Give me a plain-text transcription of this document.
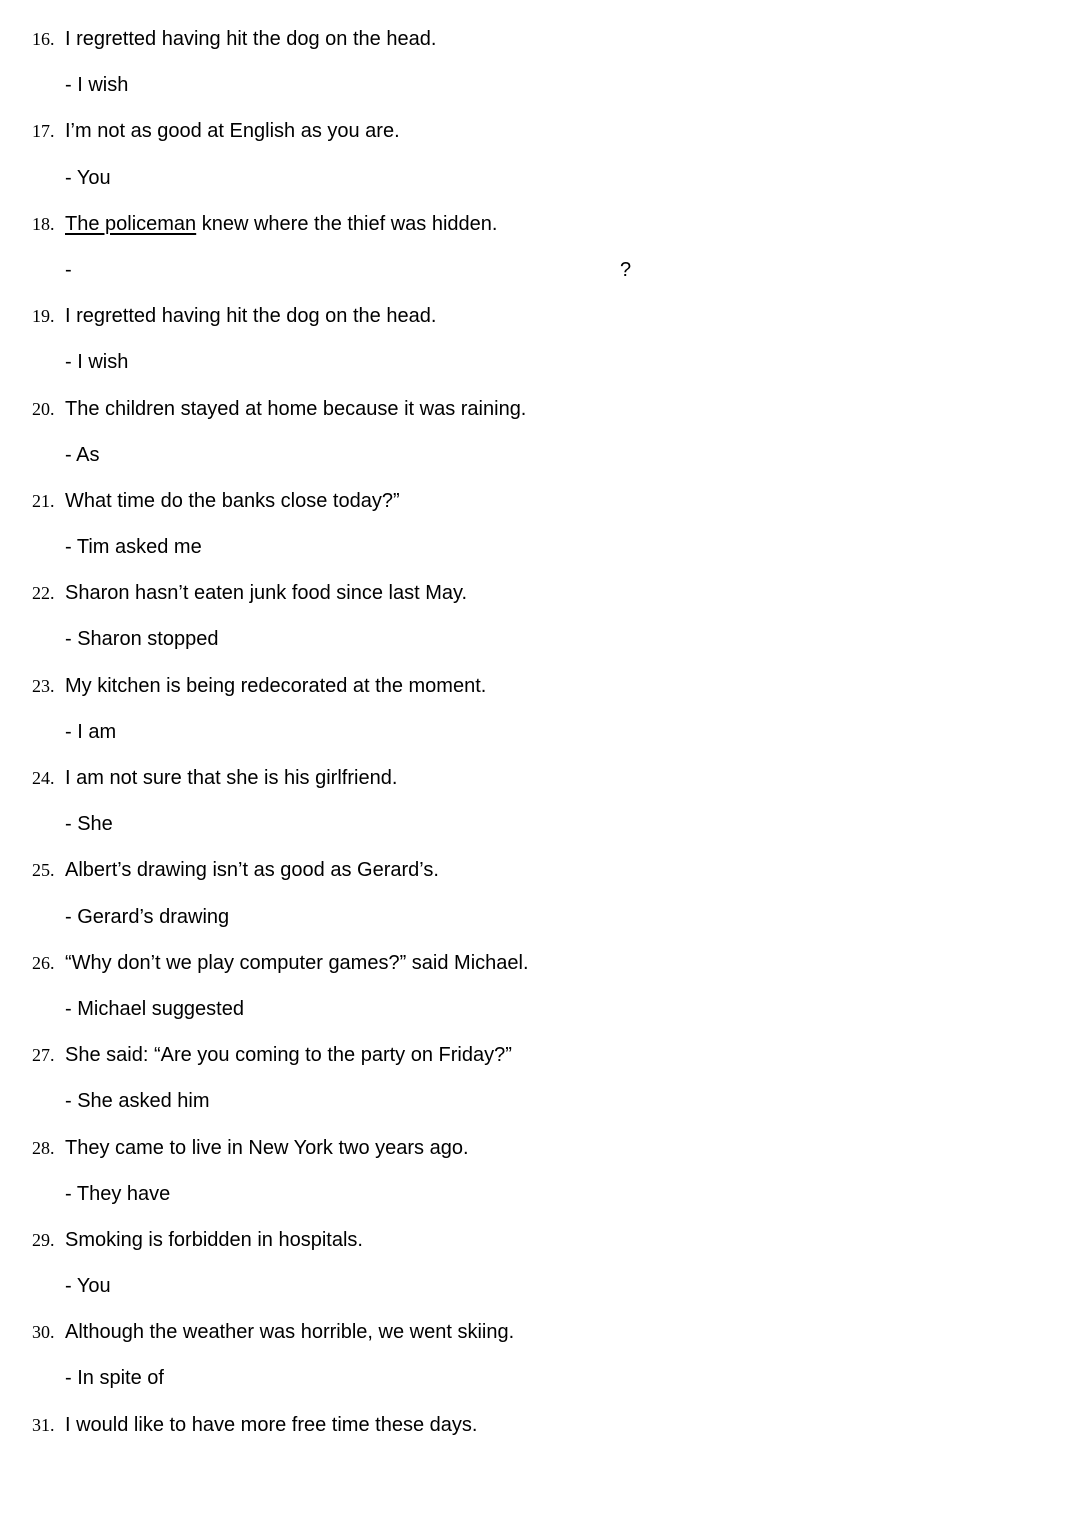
16. I regretted having hit the dog on the head.
- I wish
17. I’m not as good at English as you are.
- You
18. The policeman knew where the thief was hidden.
-	?
19. I regretted having hit the dog on the head.
- I wish
20. The children stayed at home because it was raining.
- As
21. What time do the banks close today?”
- Tim asked me
22. Sharon hasn’t eaten junk food since last May.
- Sharon stopped
23. My kitchen is being redecorated at the moment.
- I am
24. I am not sure that she is his girlfriend.
- She
25. Albert’s drawing isn’t as good as Gerard’s.
- Gerard’s drawing
26. “Why don’t we play computer games?” said Michael.
- Michael suggested
27. She said: “Are you coming to the party on Friday?”
- She asked him
28. They came to live in New York two years ago.
- They have
29. Smoking is forbidden in hospitals.
- You
30. Although the weather was horrible, we went skiing.
- In spite of
31. I would like to have more free time these days.
